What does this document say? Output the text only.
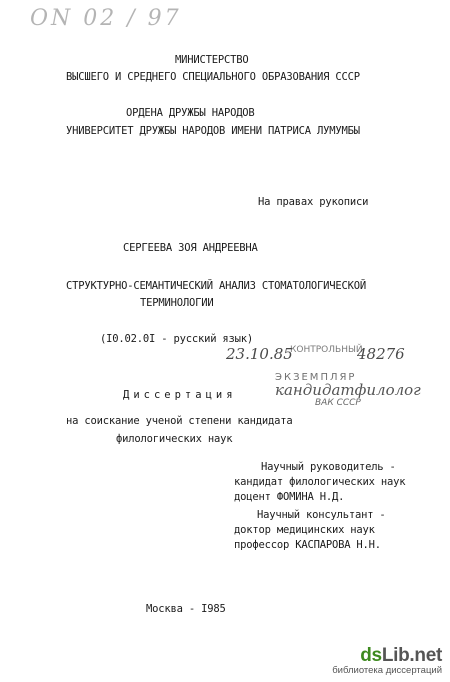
ON 02 / 97
МИНИСТЕРСТВО
ВЫСШЕГО И СРЕДНЕГО СПЕЦИАЛЬНОГО ОБРАЗОВАНИЯ СССР
ОРДЕНА ДРУЖБЫ НАРОДОВ
УНИВЕРСИТЕТ ДРУЖБЫ НАРОДОВ ИМЕНИ ПАТРИСА ЛУМУМБЫ
На правах рукописи
СЕРГЕЕВА ЗОЯ АНДРЕЕВНА
СТРУКТУРНО-СЕМАНТИЧЕСКИЙ АНАЛИЗ СТОМАТОЛОГИЧЕСКОЙ
ТЕРМИНОЛОГИИ
(I0.02.0I - русский язык)
23.10.85	48276
КОНТРОЛЬНЫЙ
ЭКЗЕМПЛЯР
ВАК СССР
кандидатфилолог
Диссертация
на соискание ученой степени кандидата
филологических наук
Научный руководитель -
кандидат филологических наук
доцент ФОМИНА Н.Д.
Научный консультант -
доктор медицинских наук
профессор КАСПАРОВА Н.Н.
Москва - I985
dsLib.net
библиотека диссертаций
